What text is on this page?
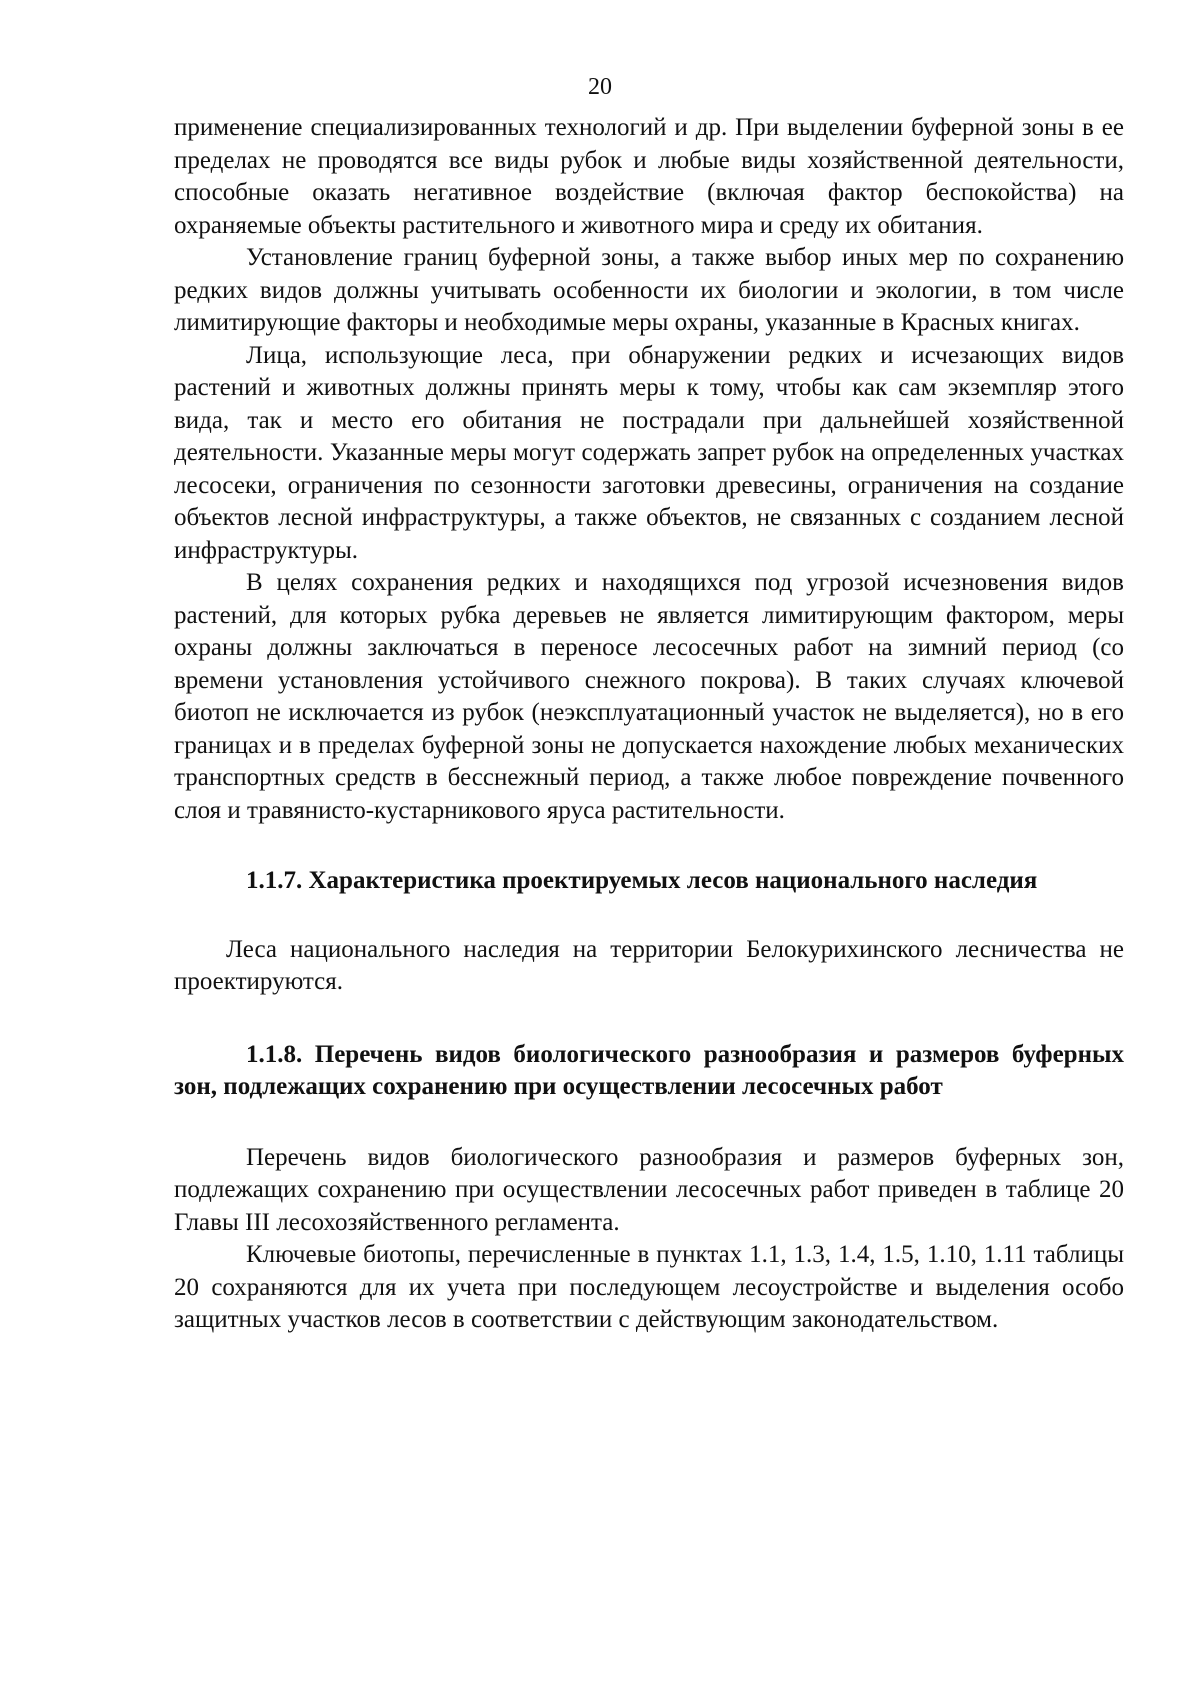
20

применение специализированных технологий и др. При выделении буферной зоны в ее пределах не проводятся все виды рубок и любые виды хозяйственной деятельности, способные оказать негативное воздействие (включая фактор беспокойства) на охраняемые объекты растительного и животного мира и среду их обитания.

Установление границ буферной зоны, а также выбор иных мер по сохранению редких видов должны учитывать особенности их биологии и экологии, в том числе лимитирующие факторы и необходимые меры охраны, указанные в Красных книгах.

Лица, использующие леса, при обнаружении редких и исчезающих видов растений и животных должны принять меры к тому, чтобы как сам экземпляр этого вида, так и место его обитания не пострадали при дальнейшей хозяйственной деятельности. Указанные меры могут содержать запрет рубок на определенных участках лесосеки, ограничения по сезонности заготовки древесины, ограничения на создание объектов лесной инфраструктуры, а также объектов, не связанных с созданием лесной инфраструктуры.

В целях сохранения редких и находящихся под угрозой исчезновения видов растений, для которых рубка деревьев не является лимитирующим фактором, меры охраны должны заключаться в переносе лесосечных работ на зимний период (со времени установления устойчивого снежного покрова). В таких случаях ключевой биотоп не исключается из рубок (неэксплуатационный участок не выделяется), но в его границах и в пределах буферной зоны не допускается нахождение любых механических транспортных средств в бесснежный период, а также любое повреждение почвенного слоя и травянисто-кустарникового яруса растительности.

1.1.7. Характеристика проектируемых лесов национального наследия

Леса национального наследия на территории Белокурихинского лесничества не проектируются.

1.1.8. Перечень видов биологического разнообразия и размеров буферных зон, подлежащих сохранению при осуществлении лесосечных работ

Перечень видов биологического разнообразия и размеров буферных зон, подлежащих сохранению при осуществлении лесосечных работ приведен в таблице 20 Главы III лесохозяйственного регламента.

Ключевые биотопы, перечисленные в пунктах 1.1, 1.3, 1.4, 1.5, 1.10, 1.11 таблицы 20 сохраняются для их учета при последующем лесоустройстве и выделения особо защитных участков лесов в соответствии с действующим законодательством.
